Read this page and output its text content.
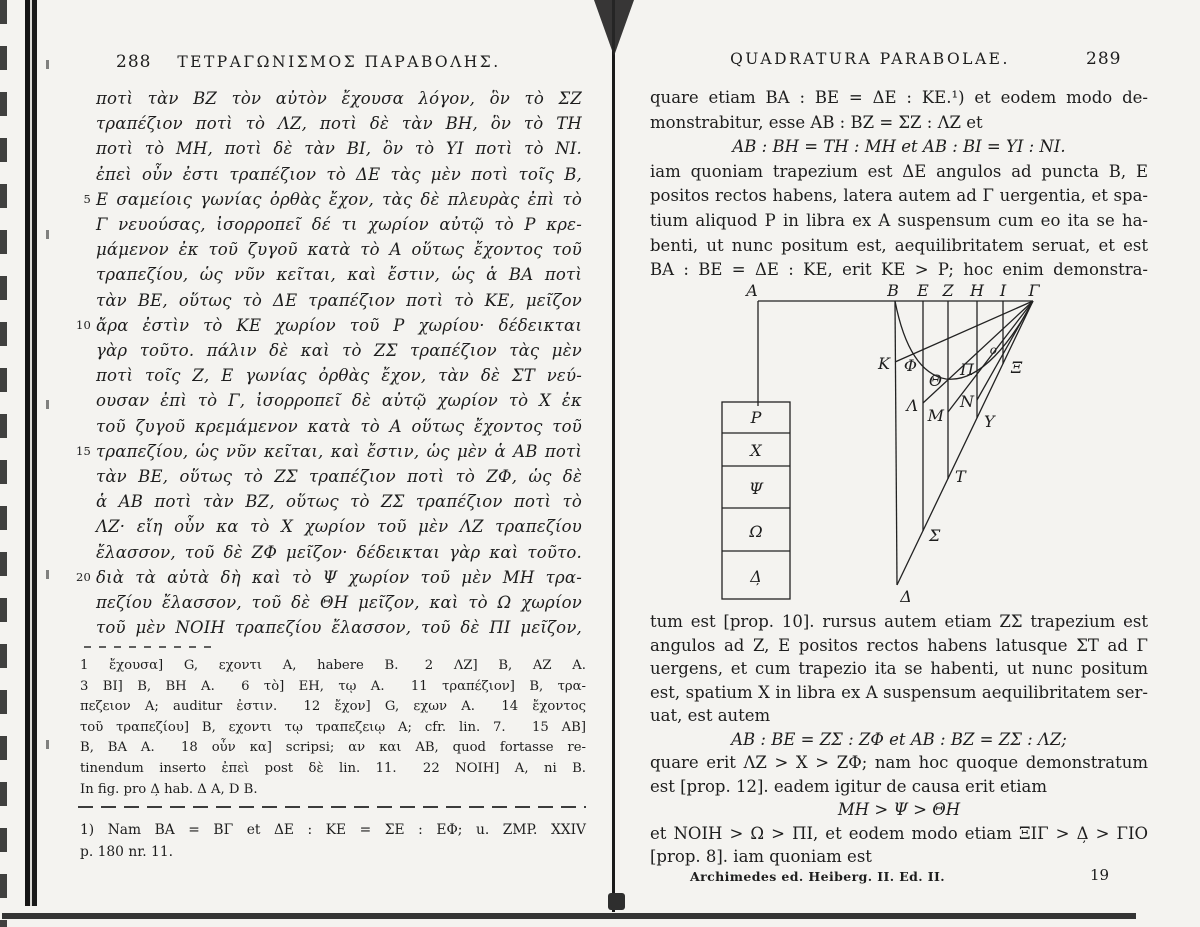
288	ΤΕΤΡΑΓΩΝΙΣΜΟΣ ΠΑΡΑΒΟΛΗΣ.
ποτὶ τὰν ΒΖ τὸν αὐτὸν ἔχουσα λόγον, ὃν τὸ ΣΖ
τραπέζιον ποτὶ τὸ ΛΖ, ποτὶ δὲ τὰν ΒΗ, ὃν τὸ ΤΗ
ποτὶ τὸ ΜΗ, ποτὶ δὲ τὰν ΒΙ, ὃν τὸ ΥΙ ποτὶ τὸ ΝΙ.
ἐπεὶ οὖν ἐστι τραπέζιον τὸ ΔΕ τὰς μὲν ποτὶ τοῖς Β,
5 Ε σαμείοις γωνίας ὀρθὰς ἔχον, τὰς δὲ πλευρὰς ἐπὶ τὸ
Γ νευούσας, ἰσορροπεῖ δέ τι χωρίον αὐτῷ τὸ Ρ κρε-
μάμενον ἐκ τοῦ ζυγοῦ κατὰ τὸ Α οὕτως ἔχοντος τοῦ
τραπεζίου, ὡς νῦν κεῖται, καὶ ἔστιν, ὡς ἁ ΒΑ ποτὶ
τὰν ΒΕ, οὕτως τὸ ΔΕ τραπέζιον ποτὶ τὸ ΚΕ, μεῖζον
10 ἄρα ἐστὶν τὸ ΚΕ χωρίον τοῦ Ρ χωρίου· δέδεικται
γὰρ τοῦτο. πάλιν δὲ καὶ τὸ ΖΣ τραπέζιον τὰς μὲν
ποτὶ τοῖς Ζ, Ε γωνίας ὀρθὰς ἔχον, τὰν δὲ ΣΤ νεύ-
ουσαν ἐπὶ τὸ Γ, ἰσορροπεῖ δὲ αὐτῷ χωρίον τὸ Χ ἐκ
τοῦ ζυγοῦ κρεμάμενον κατὰ τὸ Α οὕτως ἔχοντος τοῦ
15 τραπεζίου, ὡς νῦν κεῖται, καὶ ἔστιν, ὡς μὲν ἁ ΑΒ ποτὶ
τὰν ΒΕ, οὕτως τὸ ΖΣ τραπέζιον ποτὶ τὸ ΖΦ, ὡς δὲ
ἁ ΑΒ ποτὶ τὰν ΒΖ, οὕτως τὸ ΖΣ τραπέζιον ποτὶ τὸ
ΛΖ· εἴη οὖν κα τὸ Χ χωρίον τοῦ μὲν ΛΖ τραπεζίου
ἔλασσον, τοῦ δὲ ΖΦ μεῖζον· δέδεικται γὰρ καὶ τοῦτο.
20 διὰ τὰ αὐτὰ δὴ καὶ τὸ Ψ χωρίον τοῦ μὲν ΜΗ τρα-
πεζίου ἔλασσον, τοῦ δὲ ΘΗ μεῖζον, καὶ τὸ Ω χωρίον
τοῦ μὲν ΝΟΙΗ τραπεζίου ἔλασσον, τοῦ δὲ ΠΙ μεῖζον,
1 ἔχουσα] G, εχοντι A, habere B.  2 ΛΖ] B, ΑΖ A.
3 ΒΙ] B, ΒΗ A.  6 τὸ] EH, τῳ A.  11 τραπέζιον] B, τρα-
πεζειον A; auditur ἐστιν.  12 ἔχον] G, εχων A.  14 ἔχοντος
τοῦ τραπεζίου] B, εχοντι τῳ τραπεζειῳ A; cfr. lin. 7.  15 ΑΒ]
B, ΒΑ A.  18 οὖν κα] scripsi; αν και ΑB, quod fortasse re-
tinendum inserto ἐπεὶ post δὲ lin. 11.  22 ΝΟΙΗ] A, ni B.
In fig. pro Δ̦ hab. Δ A, D B.
1) Nam ΒΑ = ΒΓ et ΔΕ : ΚΕ = ΣΕ : ΕΦ; u. ZMP. XXIV
p. 180 nr. 11.
QUADRATURA PARABOLAE.	289
quare etiam BA : BE = ΔE : KE.¹) et eodem modo de-
monstrabitur, esse AB : BZ = ΣZ : ΛZ et
AB : BH = TH : MH et AB : BI = ΥI : NI.
iam quoniam trapezium est ΔE angulos ad puncta B, E
positos rectos habens, latera autem ad Γ uergentia, et spa-
tium aliquod P in libra ex A suspensum cum eo ita se ha-
benti, ut nunc positum est, aequilibritatem seruat, et est
BA : BE = ΔE : KE, erit KE > P; hoc enim demonstra-
A	B E Z H I Γ
K Φ
Θ
Π
ο
Ξ
Λ
M
N
Y
T
Σ
Δ
P
X
Ψ
Ω
Δ̦
tum est [prop. 10]. rursus autem etiam ZΣ trapezium est
angulos ad Z, E positos rectos habens latusque ΣT ad Γ
uergens, et cum trapezio ita se habenti, ut nunc positum
est, spatium X in libra ex A suspensum aequilibritatem ser-
uat, est autem
AB : BE = ZΣ : ZΦ et AB : BZ = ZΣ : ΛZ;
quare erit ΛZ > X > ZΦ; nam hoc quoque demonstratum
est [prop. 12]. eadem igitur de causa erit etiam
MH > Ψ > ΘH
et NOIH > Ω > ΠI, et eodem modo etiam ΞΙΓ > Δ̦ > ΓΙΟ
[prop. 8]. iam quoniam est
Archimedes ed. Heiberg. II. Ed. II.	19
